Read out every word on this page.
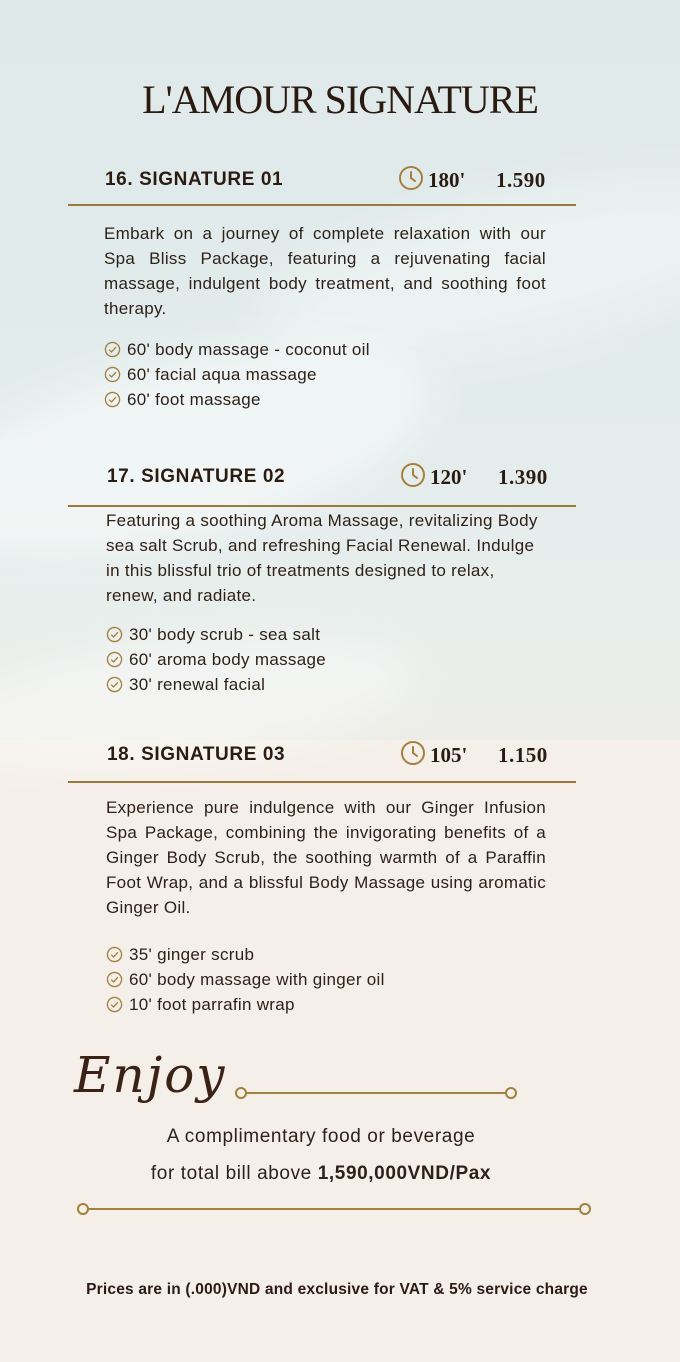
L'AMOUR SIGNATURE
16. SIGNATURE 01	180' 1.590

Embark on a journey of complete relaxation with our Spa Bliss Package, featuring a rejuvenating facial massage, indulgent body treatment, and soothing foot therapy.

60' body massage - coconut oil
60' facial aqua massage
60' foot massage
17. SIGNATURE 02	120' 1.390

Featuring a soothing Aroma Massage, revitalizing Body sea salt Scrub, and refreshing Facial Renewal. Indulge in this blissful trio of treatments designed to relax, renew, and radiate.

30' body scrub - sea salt
60' aroma body massage
30' renewal facial
18. SIGNATURE 03	105' 1.150

Experience pure indulgence with our Ginger Infusion Spa Package, combining the invigorating benefits of a Ginger Body Scrub, the soothing warmth of a Paraffin Foot Wrap, and a blissful Body Massage using aromatic Ginger Oil.

35' ginger scrub
60' body massage with ginger oil
10' foot parrafin wrap
Enjoy
A complimentary food or beverage
for total bill above 1,590,000VND/Pax
Prices are in (.000)VND and exclusive for VAT & 5% service charge
